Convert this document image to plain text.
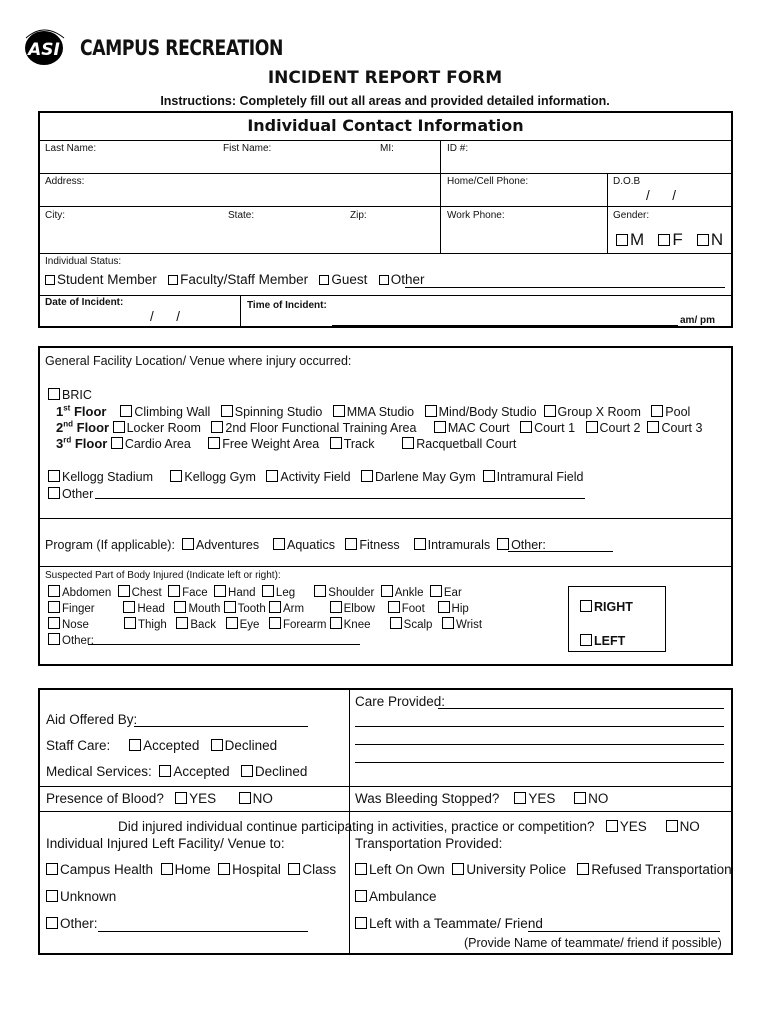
ASI CAMPUS RECREATION
INCIDENT REPORT FORM
Instructions: Completely fill out all areas and provided detailed information.
Individual Contact Information
Last Name:	Fist Name:	MI:	ID #:
Address:	Home/Cell Phone:	D.O.B
/      /
City:	State:	Zip:	Work Phone:	Gender:
M F N
Individual Status:
Student Member Faculty/Staff Member Guest Other
Date of Incident:
/      /
Time of Incident:
am/ pm
General Facility Location/ Venue where injury occurred:
BRIC
1st Floor Climbing Wall Spinning Studio MMA Studio Mind/Body Studio Group X Room Pool
2nd Floor Locker Room 2nd Floor Functional Training Area	MAC Court Court 1 Court 2 Court 3
3rd Floor Cardio Area	Free Weight Area Track	Racquetball Court
Kellogg Stadium	Kellogg Gym Activity Field Darlene May Gym Intramural Field
Other
Program (If applicable): Adventures Aquatics Fitness Intramurals Other:
Suspected Part of Body Injured (Indicate left or right):
Abdomen Chest Face Hand Leg	Shoulder Ankle Ear
Finger	Head Mouth Tooth Arm	Elbow Foot Hip
Nose	Thigh Back Eye Forearm Knee	Scalp Wrist
Other:
RIGHT
LEFT
Aid Offered By:
Staff Care: Accepted Declined
Medical Services: Accepted Declined
Care Provided:
Presence of Blood? YES	NO	Was Bleeding Stopped? YES NO
Did injured individual continue participating in activities, practice or competition? YES NO
Individual Injured Left Facility/ Venue to:
Campus Health Home Hospital Class
Unknown
Other:
Transportation Provided:
Left On Own University Police Refused Transportation
Ambulance
Left with a Teammate/ Friend
(Provide Name of teammate/ friend if possible)
